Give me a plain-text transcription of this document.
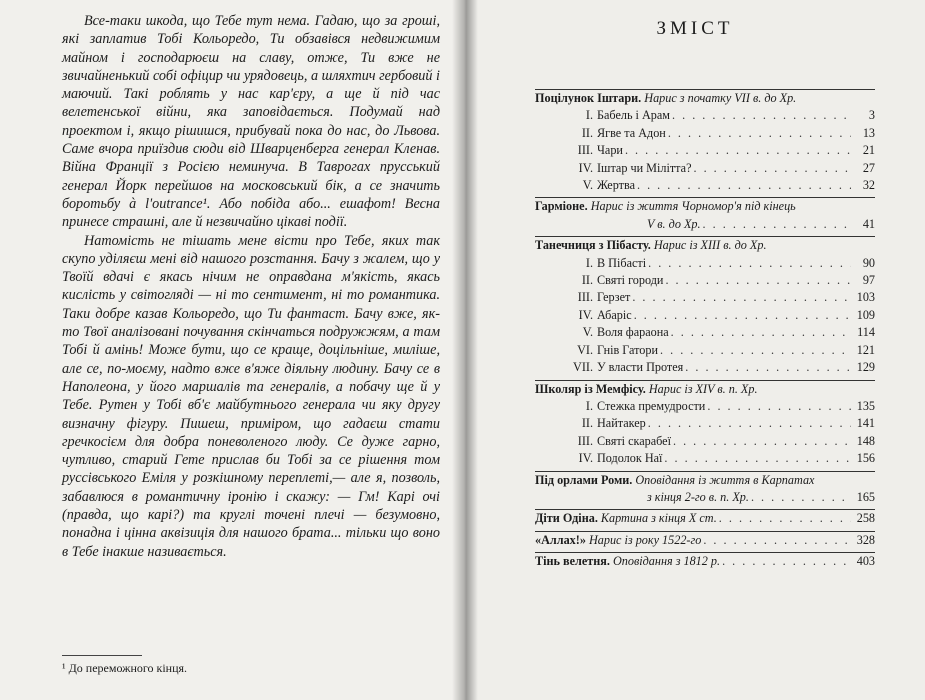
Все-таки шкода, що Тебе тут нема. Гадаю, що за гроші, які заплатив Тобі Кольоредо, Ти обзавівся недвижимим майном і господарюєш на славу, отже, Ти вже не звичайненький собі офіцир чи урядовець, а шляхтич гербовий і маючий. Такі роблять у нас кар'єру, а ще й під час велетенської війни, яка заповідається. Подумай над проектом і, якщо рішишся, прибувай пока до нас, до Львова. Саме вчора приїздив сюди від Шварценберга генерал Кленав. Війна Франції з Росією неминуча. В Таврогах прусський генерал Йорк перейшов на московський бік, а се значить боротьбу à l'outrance¹. Або побіда або... ешафот! Весна принесе страшні, але й незвичайно цікаві події.

Натомість не тішать мене вісти про Тебе, яких так скупо уділяєш мені від нашого розстання. Бачу з жалем, що у Твоїй вдачі є якась нічим не оправдана м'якість, якась кислість у світогляді — ні то сентимент, ні то романтика. Таки добре казав Кольоредо, що Ти фантаст. Бачу вже, як-то Твої аналізовані почування скінчаться подружжям, а там Тобі й амінь! Може бути, що се краще, доцільніше, миліше, але се, по-моєму, надто вже в'яже діяльну людину. Бачу се в Наполеона, у його маршалів та генералів, а побачу ще й у Тебе. Рутен у Тобі вб'є майбутнього генерала чи яку другу визначну фігуру. Пишеш, приміром, що гадаєш стати гречкосієм для добра поневоленого люду. Се дуже гарно, чутливо, старий Гете прислав би Тобі за се рішення том руссівського Еміля у розкішному переплеті,— але я, позволь, забавлюся в романтичну іронію і скажу: — Гм! Карі очі (правда, що карі?) та круглі точені плечі — безумовно, понадна і цінна аквізиція для нашого брата... тільки що воно в Тебе інакше називається.

¹ До переможного кінця.
ЗМІСТ
Поцілунок Іштари. Нарис з початку VII в. до Хр.
I. Бабель і Арам . . .	3
II. Ягве та Адон . . .	13
III. Чари . . .	21
IV. Іштар чи Мілітта? . . .	27
V. Жертва . . .	32
Гарміоне. Нарис із життя Чорномор'я під кінець
V в. до Хр. . . .	41
Танечниця з Пібасту. Нарис із XIII в. до Хр.
I. В Пібасті . . .	90
II. Святі городи . . .	97
III. Герзет . . .	103
IV. Абаріс . . .	109
V. Воля фараона . . .	114
VI. Гнів Гатори . . .	121
VII. У власти Протея . . .	129
Школяр із Мемфісу. Нарис із XIV в. п. Хр.
I. Стежка премудрости . . .	135
II. Найтакер . . .	141
III. Святі скарабеї . . .	148
IV. Подолок Наї . . .	156
Під орлами Роми. Оповідання із життя в Карпатах
з кінця 2-го в. п. Хр. . . .	165
Діти Одіна. Картина з кінця X ст. . . .	258
«Аллах!» Нарис із року 1522-го . . .	328
Тінь велетня. Оповідання з 1812 р. . . .	403
